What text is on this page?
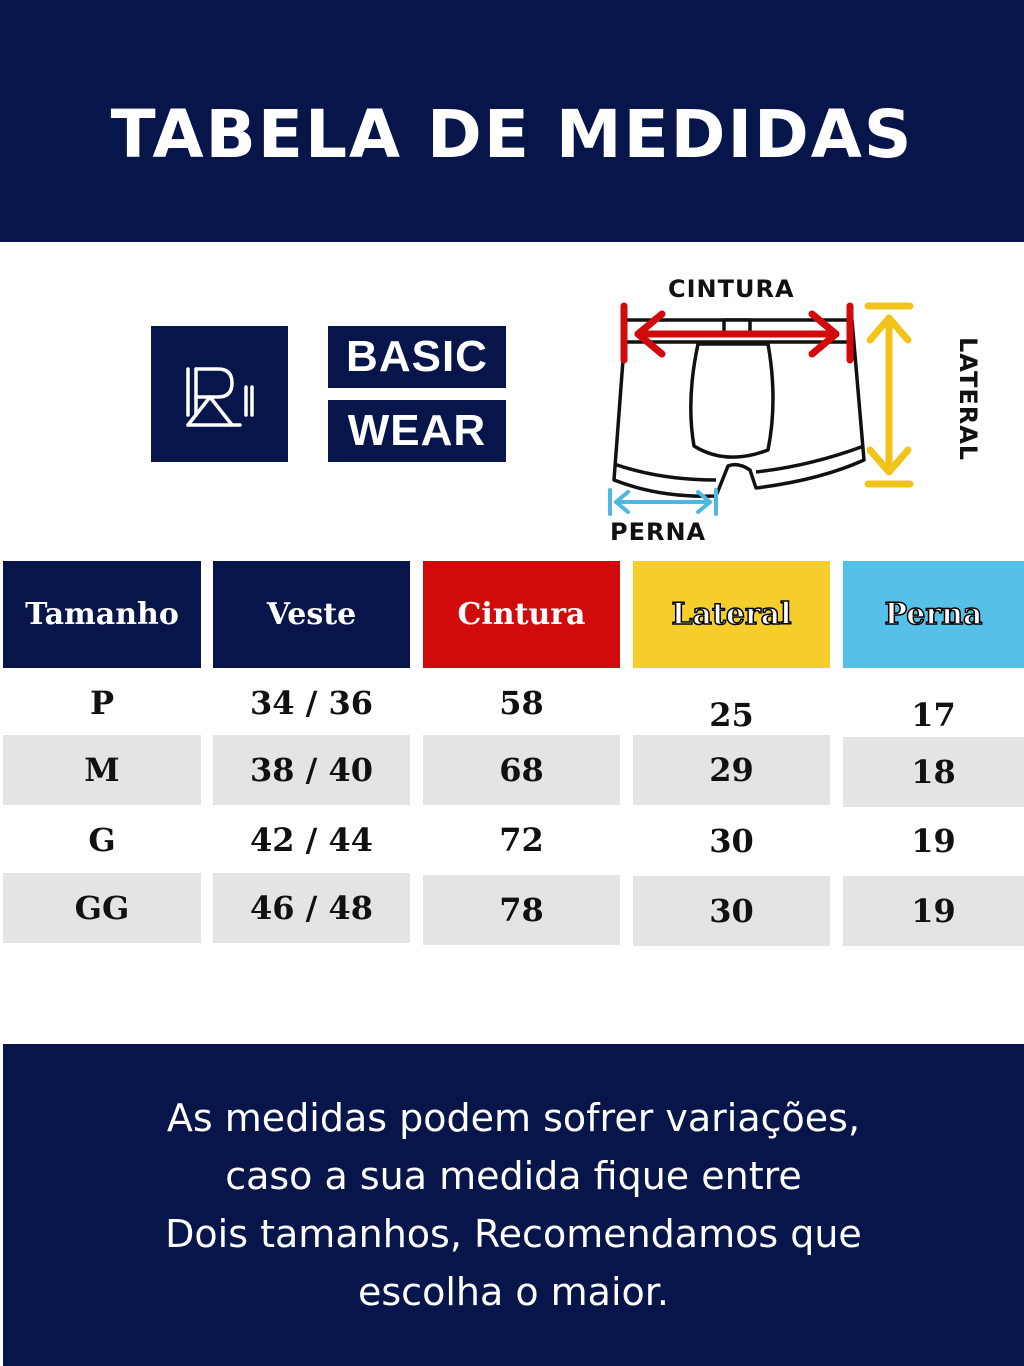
TABELA DE MEDIDAS
BASIC
WEAR
CINTURA
LATERAL
PERNA
Tamanho	Veste	Cintura	Lateral	Perna
P	34 / 36	58	25	17
M	38 / 40	68	29	18
G	42 / 44	72	30	19
GG	46 / 48	78	30	19

As medidas podem sofrer variações,
caso a sua medida fique entre
Dois tamanhos, Recomendamos que
escolha o maior.
